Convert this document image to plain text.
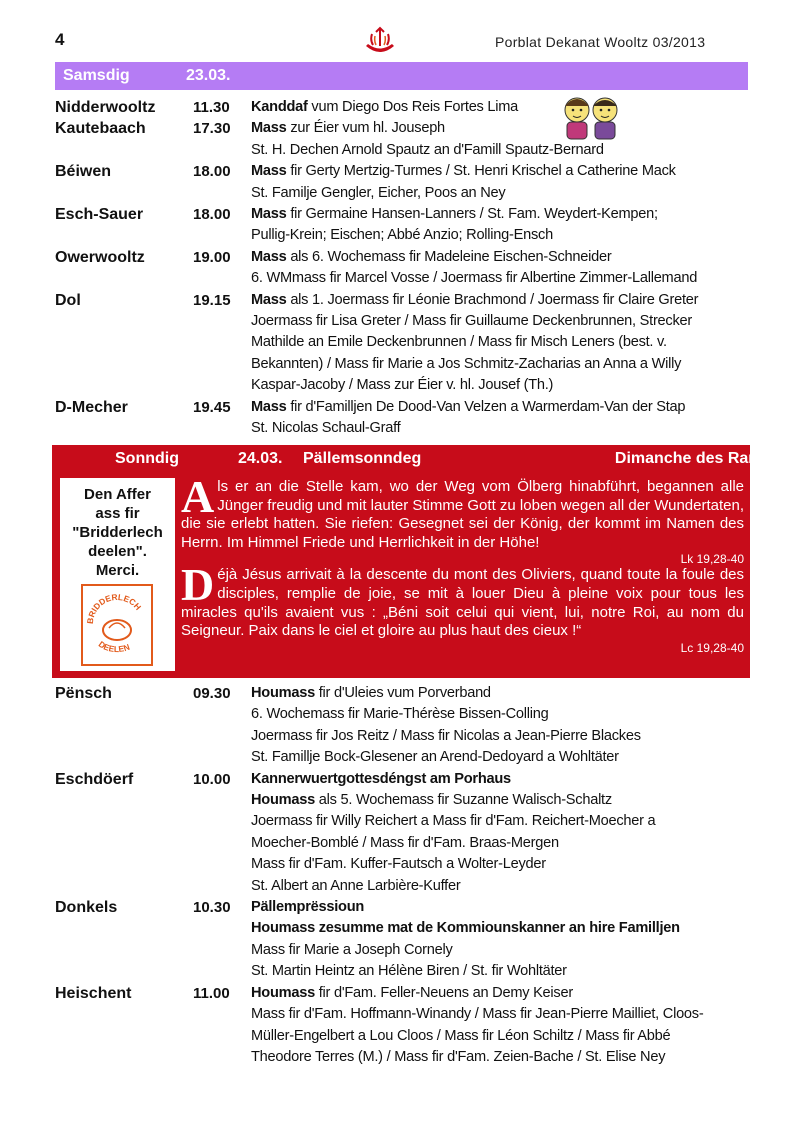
4	Porblat Dekanat Wooltz 03/2013
Samsdig	23.03.
Nidderwooltz	11.30	Kanddaf vum Diego Dos Reis Fortes Lima
Kautebaach	17.30	Mass zur Éier vum hl. Jouseph
St. H. Dechen Arnold Spautz an d'Famill Spautz-Bernard
Béiwen	18.00	Mass fir Gerty Mertzig-Turmes / St. Henri Krischel a Catherine Mack
St. Familje Gengler, Eicher, Poos an Ney
Esch-Sauer	18.00	Mass fir Germaine Hansen-Lanners / St. Fam. Weydert-Kempen;
Pullig-Krein; Eischen; Abbé Anzio; Rolling-Ensch
Owerwooltz	19.00	Mass als 6. Wochemass fir Madeleine Eischen-Schneider
6. WMmass fir Marcel Vosse / Joermass fir Albertine Zimmer-Lallemand
Dol	19.15	Mass als 1. Joermass fir Léonie Brachmond / Joermass fir Claire Greter
Joermass fir Lisa Greter / Mass fir Guillaume Deckenbrunnen, Strecker
Mathilde an Emile Deckenbrunnen / Mass fir Misch Leners (best. v.
Bekannten) / Mass fir Marie a Jos Schmitz-Zacharias an Anna a Willy
Kaspar-Jacoby / Mass zur Éier v. hl. Jousef (Th.)
D-Mecher	19.45	Mass fir d'Familljen De Dood-Van Velzen a Warmerdam-Van der Stap
St. Nicolas Schaul-Graff
Sonndig	24.03. Pällemsonndeg	Dimanche des Rameaux
Den Affer
ass fir
"Bridderlech
deelen".
Merci.
BRIDDERLECH
DEELEN
Als er an die Stelle kam, wo der Weg vom Ölberg hinabführt, begannen alle Jünger freudig und mit lauter Stimme Gott zu loben wegen all der Wundertaten, die sie erlebt hatten. Sie riefen: Gesegnet sei der König, der kommt im Namen des Herrn. Im Himmel Friede und Herrlichkeit in der Höhe!
Lk 19,28-40
Déjà Jésus arrivait à la descente du mont des Oliviers, quand toute la foule des disciples, remplie de joie, se mit à louer Dieu à pleine voix pour tous les miracles qu'ils avaient vus : „Béni soit celui qui vient, lui, notre Roi, au nom du Seigneur. Paix dans le ciel et gloire au plus haut des cieux !“
Lc 19,28-40
Pënsch	09.30	Houmass fir d'Uleies vum Porverband
6. Wochemass fir Marie-Thérèse Bissen-Colling
Joermass fir Jos Reitz / Mass fir Nicolas a Jean-Pierre Blackes
St. Famillje Bock-Glesener an Arend-Dedoyard a Wohltäter
Eschdöerf	10.00	Kannerwuertgottesdéngst am Porhaus
Houmass als 5. Wochemass fir Suzanne Walisch-Schaltz
Joermass fir Willy Reichert a Mass fir d'Fam. Reichert-Moecher a
Moecher-Bomblé / Mass fir d'Fam. Braas-Mergen
Mass fir d'Fam. Kuffer-Fautsch a Wolter-Leyder
St. Albert an Anne Larbière-Kuffer
Donkels	10.30	Pällemprëssioun
Houmass zesumme mat de Kommiounskanner an hire Familljen
Mass fir Marie a Joseph Cornely
St. Martin Heintz an Hélène Biren / St. fir Wohltäter
Heischent	11.00	Houmass fir d'Fam. Feller-Neuens an Demy Keiser
Mass fir d'Fam. Hoffmann-Winandy / Mass fir Jean-Pierre Mailliet, Cloos-
Müller-Engelbert a Lou Cloos / Mass fir Léon Schiltz / Mass fir Abbé
Theodore Terres (M.) / Mass fir d'Fam. Zeien-Bache / St. Elise Ney
